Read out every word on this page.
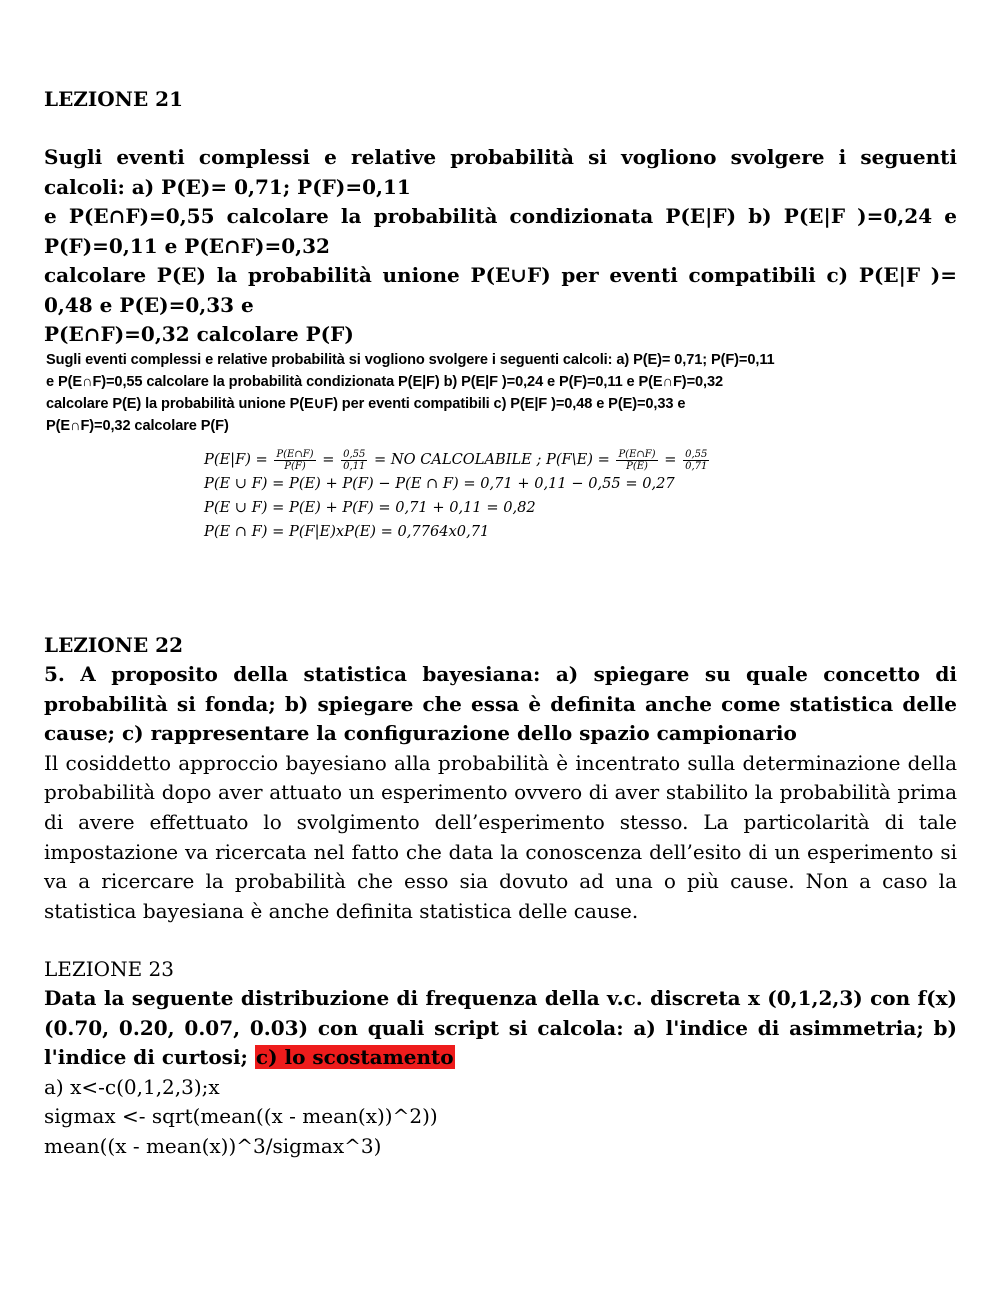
LEZIONE 21
Sugli eventi complessi e relative probabilità si vogliono svolgere i seguenti
calcoli: a) P(E)= 0,71; P(F)=0,11
e P(E∩F)=0,55 calcolare la probabilità condizionata P(E|F) b) P(E|F )=0,24 e
P(F)=0,11 e P(E∩F)=0,32
calcolare P(E) la probabilità unione P(E∪F) per eventi compatibili c) P(E|F )=
0,48 e P(E)=0,33 e
P(E∩F)=0,32 calcolare P(F)
LEZIONE 22
5. A proposito della statistica bayesiana: a) spiegare su quale concetto di probabilità si fonda; b) spiegare che essa è definita anche come statistica delle cause; c) rappresentare la configurazione dello spazio campionario
Il cosiddetto approccio bayesiano alla probabilità è incentrato sulla determinazione della probabilità dopo aver attuato un esperimento ovvero di aver stabilito la probabilità prima di avere effettuato lo svolgimento dell’esperimento stesso. La particolarità di tale impostazione va ricercata nel fatto che data la conoscenza dell’esito di un esperimento si va a ricercare la probabilità che esso sia dovuto ad una o più cause. Non a caso la statistica bayesiana è anche definita statistica delle cause.
LEZIONE 23
Data la seguente distribuzione di frequenza della v.c. discreta x (0,1,2,3) con f(x)(0.70, 0.20, 0.07, 0.03) con quali script si calcola: a) l'indice di asimmetria; b) l'indice di curtosi; c) lo scostamento
a) x<-c(0,1,2,3);x
sigmax <- sqrt(mean((x - mean(x))^2))
mean((x - mean(x))^3/sigmax^3)
Sugli eventi complessi e relative probabilità si vogliono svolgere i seguenti calcoli: a) P(E)= 0,71; P(F)=0,11
e P(E∩F)=0,55 calcolare la probabilità condizionata P(E|F) b) P(E|F )=0,24 e P(F)=0,11 e P(E∩F)=0,32
calcolare P(E) la probabilità unione P(E∪F) per eventi compatibili c) P(E|F )=0,48 e P(E)=0,33 e
P(E∩F)=0,32 calcolare P(F)
$P(E|F) = \frac{P(E\cap F)}{P(F)} = \frac{0,55}{0,11}$ = NO CALCOLABILE ; P(F\E) = $\frac{P(E\cap F)}{P(E)} = \frac{0,55}{0,71}$
P(E ∪ F) = P(E) + P(F) − P(E ∩ F) = 0,71 + 0,11 − 0,55 = 0,27
P(E ∪ F) = P(E) + P(F) = 0,71 + 0,11 = 0,82
P(E ∩ F) = P(F|E)xP(E) = 0,7764x0,71
